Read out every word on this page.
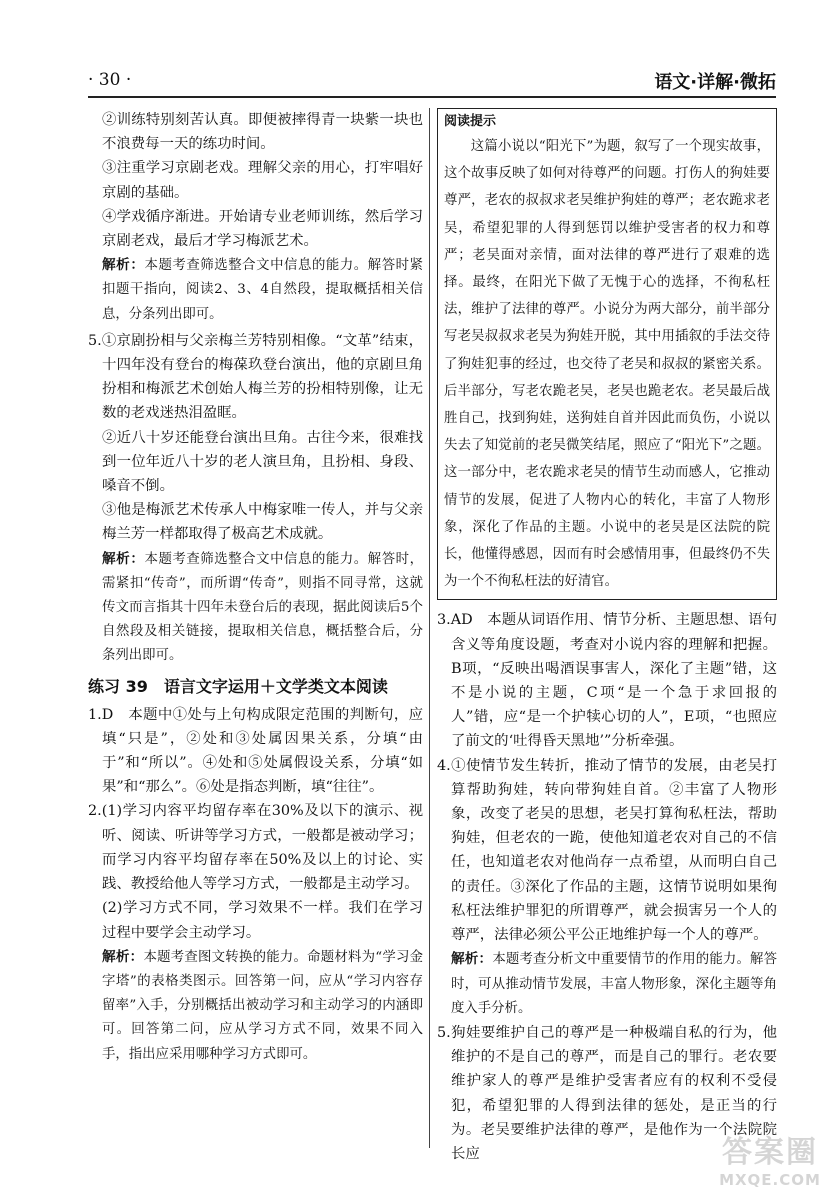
· 30 ·	语文·详解·微拓

②训练特别刻苦认真。即便被摔得青一块紫一块也不浪费每一天的练功时间。

③注重学习京剧老戏。理解父亲的用心，打牢唱好京剧的基础。

④学戏循序渐进。开始请专业老师训练，然后学习京剧老戏，最后才学习梅派艺术。

解析：本题考查筛选整合文中信息的能力。解答时紧扣题干指向，阅读2、3、4自然段，提取概括相关信息，分条列出即可。

5.①京剧扮相与父亲梅兰芳特别相像。“文革”结束，十四年没有登台的梅葆玖登台演出，他的京剧旦角扮相和梅派艺术创始人梅兰芳的扮相特别像，让无数的老戏迷热泪盈眶。

②近八十岁还能登台演出旦角。古往今来，很难找到一位年近八十岁的老人演旦角，且扮相、身段、嗓音不倒。

③他是梅派艺术传承人中梅家唯一传人，并与父亲梅兰芳一样都取得了极高艺术成就。

解析：本题考查筛选整合文中信息的能力。解答时，需紧扣“传奇”，而所谓“传奇”，则指不同寻常，这就传文而言指其十四年未登台后的表现，据此阅读后5个自然段及相关链接，提取相关信息，概括整合后，分条列出即可。

练习 39　语言文字运用＋文学类文本阅读

1.D　本题中①处与上句构成限定范围的判断句，应填“只是”，②处和③处属因果关系，分填“由于”和“所以”。④处和⑤处属假设关系，分填“如果”和“那么”。⑥处是指态判断，填“往往”。

2.(1)学习内容平均留存率在30%及以下的演示、视听、阅读、听讲等学习方式，一般都是被动学习；而学习内容平均留存率在50%及以上的讨论、实践、教授给他人等学习方式，一般都是主动学习。

(2)学习方式不同，学习效果不一样。我们在学习过程中要学会主动学习。

解析：本题考查图文转换的能力。命题材料为“学习金字塔”的表格类图示。回答第一问，应从“学习内容存留率”入手，分别概括出被动学习和主动学习的内涵即可。回答第二问，应从学习方式不同，效果不同入手，指出应采用哪种学习方式即可。

阅读提示

这篇小说以“阳光下”为题，叙写了一个现实故事，这个故事反映了如何对待尊严的问题。打伤人的狗娃要尊严，老农的叔叔求老吴维护狗娃的尊严；老农跪求老吴，希望犯罪的人得到惩罚以维护受害者的权力和尊严；老吴面对亲情，面对法律的尊严进行了艰难的选择。最终，在阳光下做了无愧于心的选择，不徇私枉法，维护了法律的尊严。小说分为两大部分，前半部分写老吴叔叔求老吴为狗娃开脱，其中用插叙的手法交待了狗娃犯事的经过，也交待了老吴和叔叔的紧密关系。后半部分，写老农跪老吴，老吴也跪老农。老吴最后战胜自己，找到狗娃，送狗娃自首并因此而负伤，小说以失去了知觉前的老吴微笑结尾，照应了“阳光下”之题。这一部分中，老农跪求老吴的情节生动而感人，它推动情节的发展，促进了人物内心的转化，丰富了人物形象，深化了作品的主题。小说中的老吴是区法院的院长，他懂得感恩，因而有时会感情用事，但最终仍不失为一个不徇私枉法的好清官。

3.AD　本题从词语作用、情节分析、主题思想、语句含义等角度设题，考查对小说内容的理解和把握。B项，“反映出喝酒误事害人，深化了主题”错，这不是小说的主题，C项“是一个急于求回报的人”错，应“是一个护犊心切的人”，E项，“也照应了前文的‘吐得昏天黑地’”分析牵强。

4.①使情节发生转折，推动了情节的发展，由老吴打算帮助狗娃，转向带狗娃自首。②丰富了人物形象，改变了老吴的思想，老吴打算徇私枉法，帮助狗娃，但老农的一跪，使他知道老农对自己的不信任，也知道老农对他尚存一点希望，从而明白自己的责任。③深化了作品的主题，这情节说明如果徇私枉法维护罪犯的所谓尊严，就会损害另一个人的尊严，法律必须公平公正地维护每一个人的尊严。

解析：本题考查分析文中重要情节的作用的能力。解答时，可从推动情节发展，丰富人物形象，深化主题等角度入手分析。

5.狗娃要维护自己的尊严是一种极端自私的行为，他维护的不是自己的尊严，而是自己的罪行。老农要维护家人的尊严是维护受害者应有的权利不受侵犯，希望犯罪的人得到法律的惩处，是正当的行为。老吴要维护法律的尊严，是他作为一个法院院长应	答案圈
MXQE.COM
